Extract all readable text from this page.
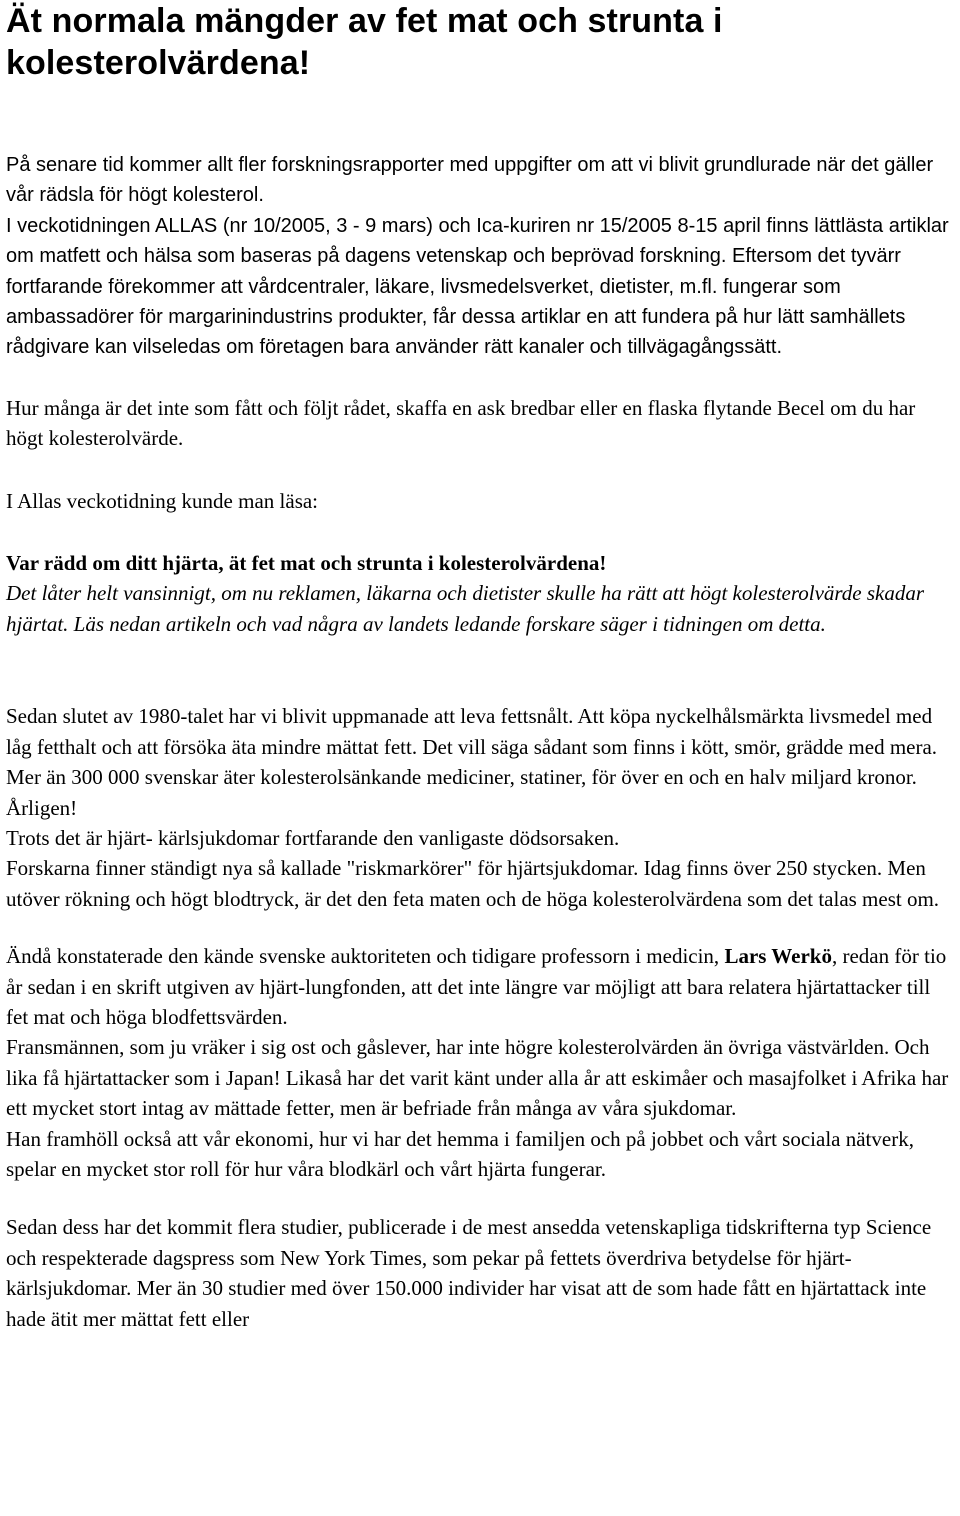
Ät normala mängder av fet mat och strunta i
kolesterolvärdena!

På senare tid kommer allt fler forskningsrapporter med uppgifter om att vi blivit grundlurade när det gäller vår rädsla för högt kolesterol.

I veckotidningen ALLAS (nr 10/2005, 3 - 9 mars) och Ica-kuriren nr 15/2005 8-15 april finns lättlästa artiklar om matfett och hälsa som baseras på dagens vetenskap och beprövad forskning. Eftersom det tyvärr fortfarande förekommer att vårdcentraler, läkare, livsmedelsverket, dietister, m.fl. fungerar som ambassadörer för margarinindustrins produkter, får dessa artiklar en att fundera på hur lätt samhällets rådgivare kan vilseledas om företagen bara använder rätt kanaler och tillvägagångssätt.

Hur många är det inte som fått och följt rådet, skaffa en ask bredbar eller en flaska flytande Becel om du har högt kolesterolvärde.

I Allas veckotidning kunde man läsa:

Var rädd om ditt hjärta, ät fet mat och strunta i kolesterolvärdena!

Det låter helt vansinnigt, om nu reklamen, läkarna och dietister skulle ha rätt att högt kolesterolvärde skadar hjärtat. Läs nedan artikeln och vad några av landets ledande forskare säger i tidningen om detta.

Sedan slutet av 1980-talet har vi blivit uppmanade att leva fettsnålt. Att köpa nyckelhålsmärkta livsmedel med låg fetthalt och att försöka äta mindre mättat fett. Det vill säga sådant som finns i kött, smör, grädde med mera.

Mer än 300 000 svenskar äter kolesterolsänkande mediciner, statiner, för över en och en halv miljard kronor. Årligen!

Trots det är hjärt- kärlsjukdomar fortfarande den vanligaste dödsorsaken.

Forskarna finner ständigt nya så kallade "riskmarkörer" för hjärtsjukdomar. Idag finns över 250 stycken. Men utöver rökning och högt blodtryck, är det den feta maten och de höga kolesterolvärdena som det talas mest om.

Ändå konstaterade den kände svenske auktoriteten och tidigare professorn i medicin, Lars Werkö, redan för tio år sedan i en skrift utgiven av hjärt-lungfonden, att det inte längre var möjligt att bara relatera hjärtattacker till fet mat och höga blodfettsvärden.

Fransmännen, som ju vräker i sig ost och gåslever, har inte högre kolesterolvärden än övriga västvärlden. Och lika få hjärtattacker som i Japan! Likaså har det varit känt under alla år att eskimåer och masajfolket i Afrika har ett mycket stort intag av mättade fetter, men är befriade från många av våra sjukdomar.

Han framhöll också att vår ekonomi, hur vi har det hemma i familjen och på jobbet och vårt sociala nätverk, spelar en mycket stor roll för hur våra blodkärl och vårt hjärta fungerar.

Sedan dess har det kommit flera studier, publicerade i de mest ansedda vetenskapliga tidskrifterna typ Science och respekterade dagspress som New York Times, som pekar på fettets överdriva betydelse för hjärt-kärlsjukdomar. Mer än 30 studier med över 150.000 individer har visat att de som hade fått en hjärtattack inte hade ätit mer mättat fett eller
